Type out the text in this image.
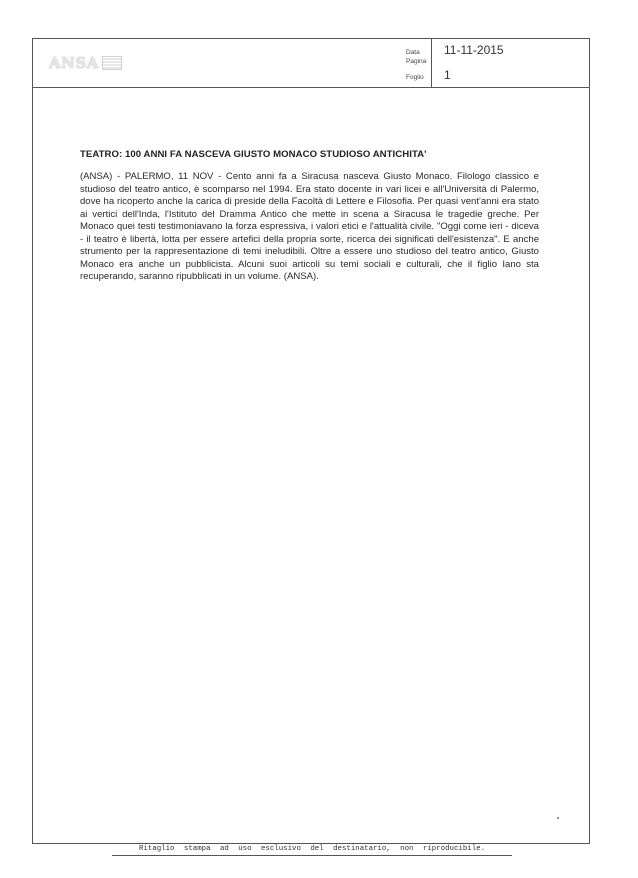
ANSA
Data	11-11-2015
Pagina
Foglio	1
TEATRO: 100 ANNI FA NASCEVA GIUSTO MONACO STUDIOSO ANTICHITA'
(ANSA) - PALERMO, 11 NOV - Cento anni fa a Siracusa nasceva Giusto Monaco. Filologo classico e studioso del teatro antico, è scomparso nel 1994. Era stato docente in vari licei e all'Università di Palermo, dove ha ricoperto anche la carica di preside della Facoltà di Lettere e Filosofia. Per quasi vent'anni era stato ai vertici dell'Inda, l'Istituto del Dramma Antico che mette in scena a Siracusa le tragedie greche. Per Monaco quei testi testimoniavano la forza espressiva, i valori etici e l'attualità civile. "Oggi come ieri - diceva - il teatro è libertà, lotta per essere artefici della propria sorte, ricerca dei significati dell'esistenza". E anche strumento per la rappresentazione di temi ineludibili. Oltre a essere uno studioso del teatro antico, Giusto Monaco era anche un pubblicista. Alcuni suoi articoli su temi sociali e culturali, che il figlio Iano sta recuperando, saranno ripubblicati in un volume. (ANSA).
Ritaglio stampa ad uso esclusivo del destinatario, non riproducibile.
